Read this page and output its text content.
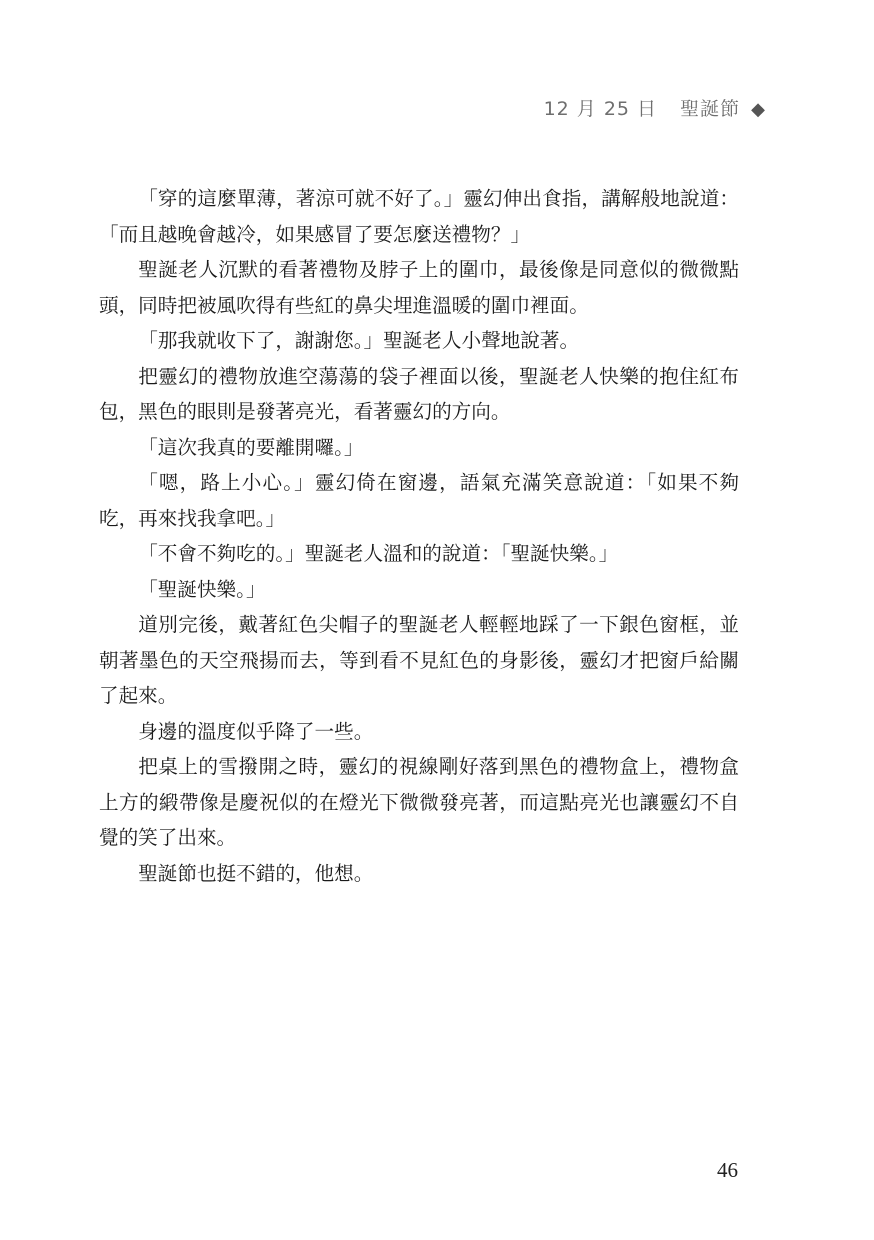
12 月 25 日 聖誕節 ◆

「穿的這麼單薄，著涼可就不好了。」靈幻伸出食指，講解般地說道：「而且越晚會越冷，如果感冒了要怎麼送禮物？」

聖誕老人沉默的看著禮物及脖子上的圍巾，最後像是同意似的微微點頭，同時把被風吹得有些紅的鼻尖埋進溫暖的圍巾裡面。

「那我就收下了，謝謝您。」聖誕老人小聲地說著。

把靈幻的禮物放進空蕩蕩的袋子裡面以後，聖誕老人快樂的抱住紅布包，黑色的眼則是發著亮光，看著靈幻的方向。

「這次我真的要離開囉。」

「嗯，路上小心。」靈幻倚在窗邊，語氣充滿笑意說道：「如果不夠吃，再來找我拿吧。」

「不會不夠吃的。」聖誕老人溫和的說道：「聖誕快樂。」

「聖誕快樂。」

道別完後，戴著紅色尖帽子的聖誕老人輕輕地踩了一下銀色窗框，並朝著墨色的天空飛揚而去，等到看不見紅色的身影後，靈幻才把窗戶給關了起來。

身邊的溫度似乎降了一些。

把桌上的雪撥開之時，靈幻的視線剛好落到黑色的禮物盒上，禮物盒上方的緞帶像是慶祝似的在燈光下微微發亮著，而這點亮光也讓靈幻不自覺的笑了出來。

聖誕節也挺不錯的，他想。

46
